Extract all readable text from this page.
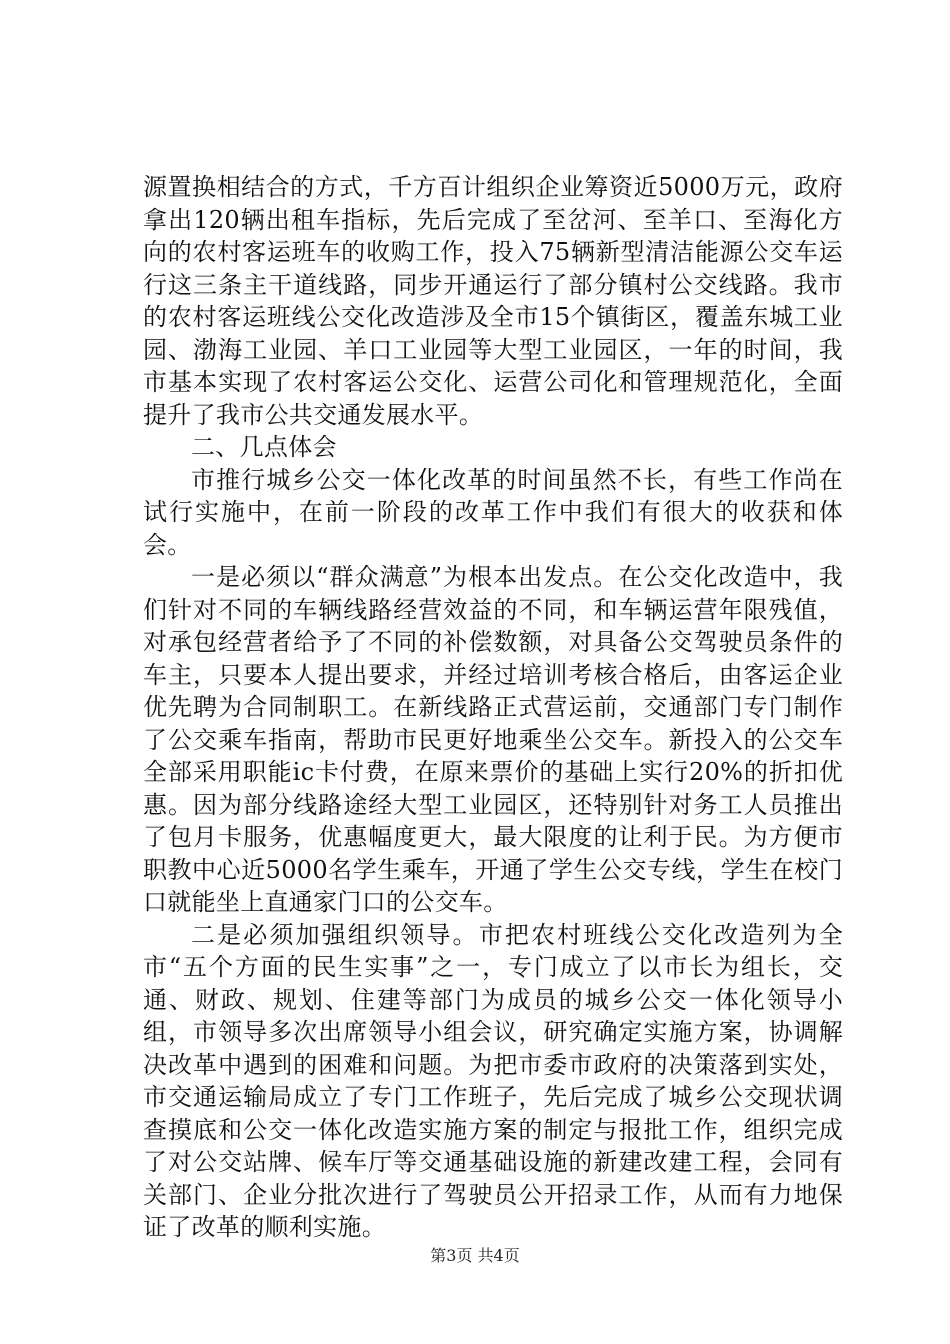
源置换相结合的方式，千方百计组织企业筹资近5000万元，政府拿出120辆出租车指标，先后完成了至岔河、至羊口、至海化方向的农村客运班车的收购工作，投入75辆新型清洁能源公交车运行这三条主干道线路，同步开通运行了部分镇村公交线路。我市的农村客运班线公交化改造涉及全市15个镇街区，覆盖东城工业园、渤海工业园、羊口工业园等大型工业园区，一年的时间，我市基本实现了农村客运公交化、运营公司化和管理规范化，全面提升了我市公共交通发展水平。

二、几点体会

市推行城乡公交一体化改革的时间虽然不长，有些工作尚在试行实施中，在前一阶段的改革工作中我们有很大的收获和体会。

一是必须以“群众满意”为根本出发点。在公交化改造中，我们针对不同的车辆线路经营效益的不同，和车辆运营年限残值，对承包经营者给予了不同的补偿数额，对具备公交驾驶员条件的车主，只要本人提出要求，并经过培训考核合格后，由客运企业优先聘为合同制职工。在新线路正式营运前，交通部门专门制作了公交乘车指南，帮助市民更好地乘坐公交车。新投入的公交车全部采用职能ic卡付费，在原来票价的基础上实行20%的折扣优惠。因为部分线路途经大型工业园区，还特别针对务工人员推出了包月卡服务，优惠幅度更大，最大限度的让利于民。为方便市职教中心近5000名学生乘车，开通了学生公交专线，学生在校门口就能坐上直通家门口的公交车。

二是必须加强组织领导。市把农村班线公交化改造列为全市“五个方面的民生实事”之一，专门成立了以市长为组长，交通、财政、规划、住建等部门为成员的城乡公交一体化领导小组，市领导多次出席领导小组会议，研究确定实施方案，协调解决改革中遇到的困难和问题。为把市委市政府的决策落到实处，市交通运输局成立了专门工作班子，先后完成了城乡公交现状调查摸底和公交一体化改造实施方案的制定与报批工作，组织完成了对公交站牌、候车厅等交通基础设施的新建改建工程，会同有关部门、企业分批次进行了驾驶员公开招录工作，从而有力地保证了改革的顺利实施。

第3页 共4页
